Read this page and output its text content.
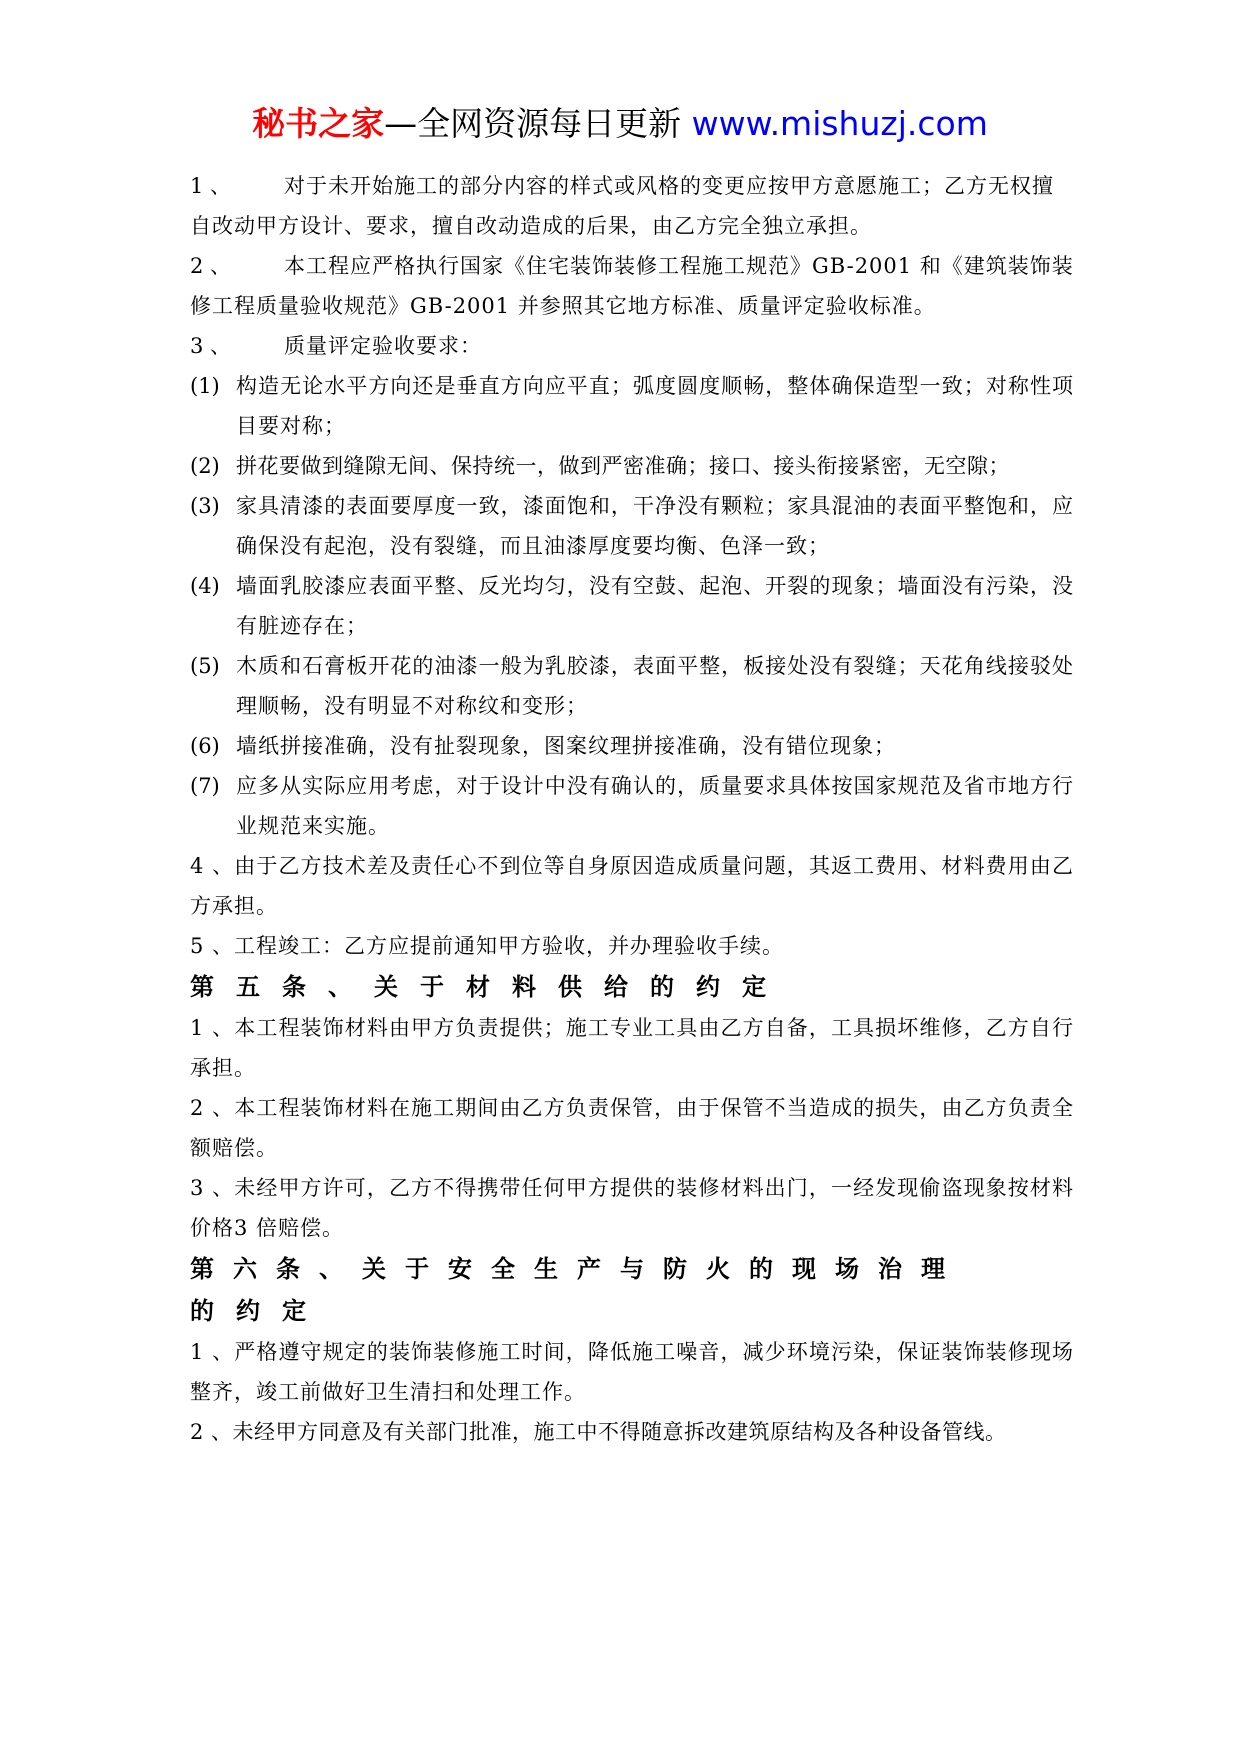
秘书之家—全网资源每日更新 www.mishuzj.com
1 、	对于未开始施工的部分内容的样式或风格的变更应按甲方意愿施工；乙方无权擅
自改动甲方设计、要求，擅自改动造成的后果，由乙方完全独立承担。
2 、	本工程应严格执行国家《住宅装饰装修工程施工规范》GB-2001 和《建筑装饰装
修工程质量验收规范》GB-2001 并参照其它地方标准、质量评定验收标准。
3 、	质量评定验收要求：
(1) 构造无论水平方向还是垂直方向应平直；弧度圆度顺畅，整体确保造型一致；对称性项目要对称；
(2) 拼花要做到缝隙无间、保持统一，做到严密准确；接口、接头衔接紧密，无空隙；
(3) 家具清漆的表面要厚度一致，漆面饱和，干净没有颗粒；家具混油的表面平整饱和，应确保没有起泡，没有裂缝，而且油漆厚度要均衡、色泽一致；
(4) 墙面乳胶漆应表面平整、反光均匀，没有空鼓、起泡、开裂的现象；墙面没有污染，没有脏迹存在；
(5) 木质和石膏板开花的油漆一般为乳胶漆，表面平整，板接处没有裂缝；天花角线接驳处理顺畅，没有明显不对称纹和变形；
(6) 墙纸拼接准确，没有扯裂现象，图案纹理拼接准确，没有错位现象；
(7) 应多从实际应用考虑，对于设计中没有确认的，质量要求具体按国家规范及省市地方行业规范来实施。
4 、由于乙方技术差及责任心不到位等自身原因造成质量问题，其返工费用、材料费用由乙方承担。
5 、工程竣工：乙方应提前通知甲方验收，并办理验收手续。
第五条、关于材料供给的约定
1 、本工程装饰材料由甲方负责提供；施工专业工具由乙方自备，工具损坏维修，乙方自行承担。
2 、本工程装饰材料在施工期间由乙方负责保管，由于保管不当造成的损失，由乙方负责全额赔偿。
3 、未经甲方许可，乙方不得携带任何甲方提供的装修材料出门，一经发现偷盗现象按材料价格3 倍赔偿。
第六条、关于安全生产与防火的现场治理
的约定
1 、严格遵守规定的装饰装修施工时间，降低施工噪音，减少环境污染，保证装饰装修现场整齐，竣工前做好卫生清扫和处理工作。
2 、未经甲方同意及有关部门批准，施工中不得随意拆改建筑原结构及各种设备管线。
